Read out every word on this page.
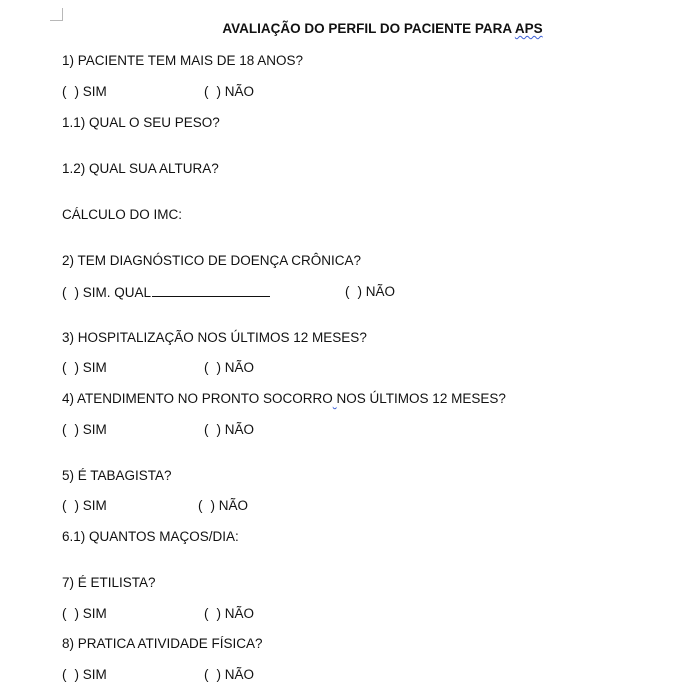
AVALIAÇÃO DO PERFIL DO PACIENTE PARA APS
1) PACIENTE TEM MAIS DE 18 ANOS?
( ) SIM	( ) NÃO
1.1) QUAL O SEU PESO?
1.2) QUAL SUA ALTURA?
CÁLCULO DO IMC:
2) TEM DIAGNÓSTICO DE DOENÇA CRÔNICA?
( ) SIM. QUAL	( ) NÃO
3) HOSPITALIZAÇÃO NOS ÚLTIMOS 12 MESES?
( ) SIM	( ) NÃO
4) ATENDIMENTO NO PRONTO SOCORRO NOS ÚLTIMOS 12 MESES?
( ) SIM	( ) NÃO
5) É TABAGISTA?
( ) SIM	( ) NÃO
6.1) QUANTOS MAÇOS/DIA:
7) É ETILISTA?
( ) SIM	( ) NÃO
8) PRATICA ATIVIDADE FÍSICA?
( ) SIM	( ) NÃO
